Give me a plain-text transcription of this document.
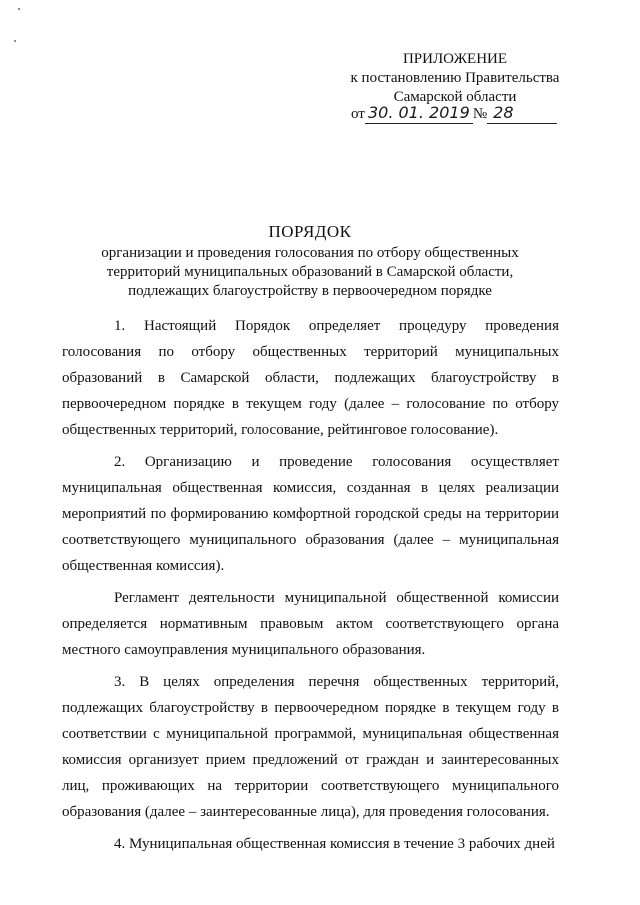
ПРИЛОЖЕНИЕ
к постановлению Правительства
Самарской области
от 30. 01. 2019 № 28
ПОРЯДОК
организации и проведения голосования по отбору общественных
территорий муниципальных образований в Самарской области,
подлежащих благоустройству в первоочередном порядке

1. Настоящий Порядок определяет процедуру проведения голосования по отбору общественных территорий муниципальных образований в Самарской области, подлежащих благоустройству в первоочередном порядке в текущем году (далее – голосование по отбору общественных территорий, голосование, рейтинговое голосование).

2. Организацию и проведение голосования осуществляет муниципальная общественная комиссия, созданная в целях реализации мероприятий по формированию комфортной городской среды на территории соответствующего муниципального образования (далее – муниципальная общественная комиссия).

Регламент деятельности муниципальной общественной комиссии определяется нормативным правовым актом соответствующего органа местного самоуправления муниципального образования.

3. В целях определения перечня общественных территорий, подлежащих благоустройству в первоочередном порядке в текущем году в соответствии с муниципальной программой, муниципальная общественная комиссия организует прием предложений от граждан и заинтересованных лиц, проживающих на территории соответствующего муниципального образования (далее – заинтересованные лица), для проведения голосования.

4. Муниципальная общественная комиссия в течение 3 рабочих дней
